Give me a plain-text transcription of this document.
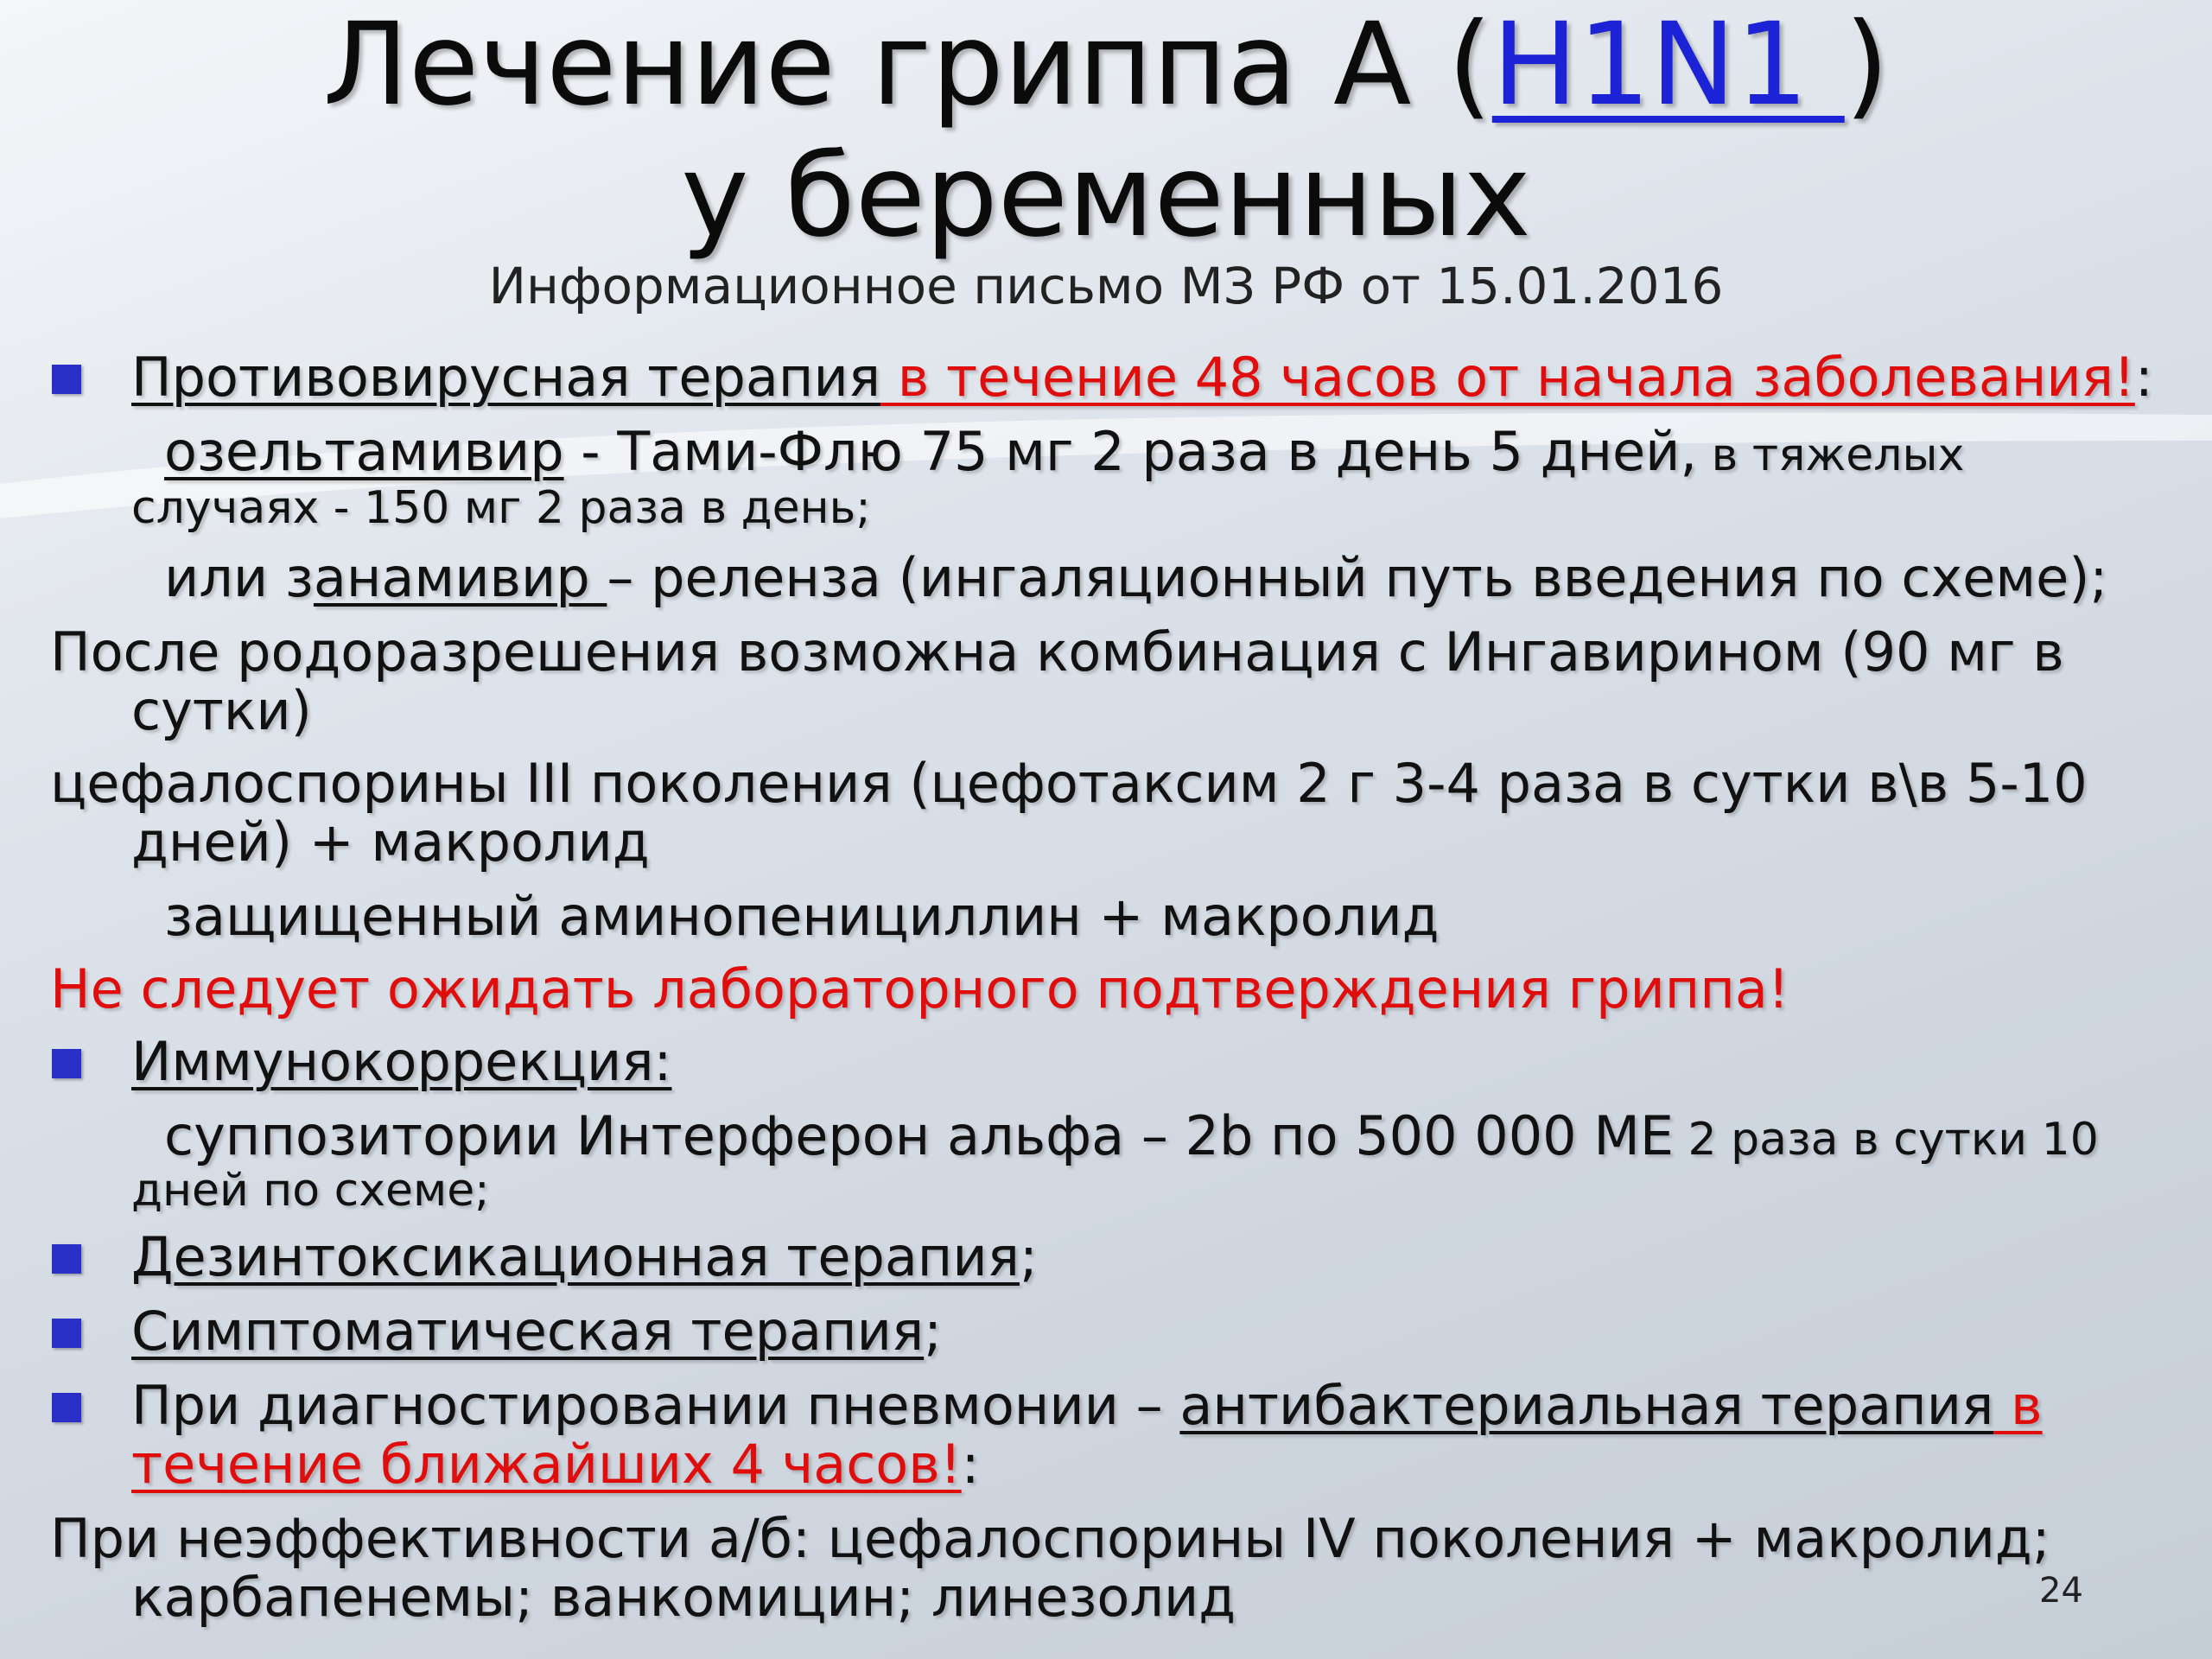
Лечение гриппа А (H1N1 )
у беременных
Информационное письмо МЗ РФ от 15.01.2016
Противовирусная терапия в течение 48 часов от начала заболевания!:
озельтамивир - Тами-Флю 75 мг 2 раза в день 5 дней, в тяжелых
случаях - 150 мг 2 раза в день;
или занамивир – реленза (ингаляционный путь введения по схеме);
После родоразрешения возможна комбинация с Ингавирином (90 мг в
сутки)
цефалоспорины III поколения (цефотаксим 2 г 3-4 раза в сутки в\в 5-10
дней) + макролид
защищенный аминопенициллин + макролид
Не следует ожидать лабораторного подтверждения гриппа!
Иммунокоррекция:
суппозитории Интерферон альфа – 2b по 500 000 МЕ 2 раза в сутки 10
дней по схеме;
Дезинтоксикационная терапия;
Симптоматическая терапия;
При диагностировании пневмонии – антибактериальная терапия в
течение ближайших 4 часов!:
При неэффективности а/б: цефалоспорины IV поколения + макролид;
карбапенемы; ванкомицин; линезолид	24
